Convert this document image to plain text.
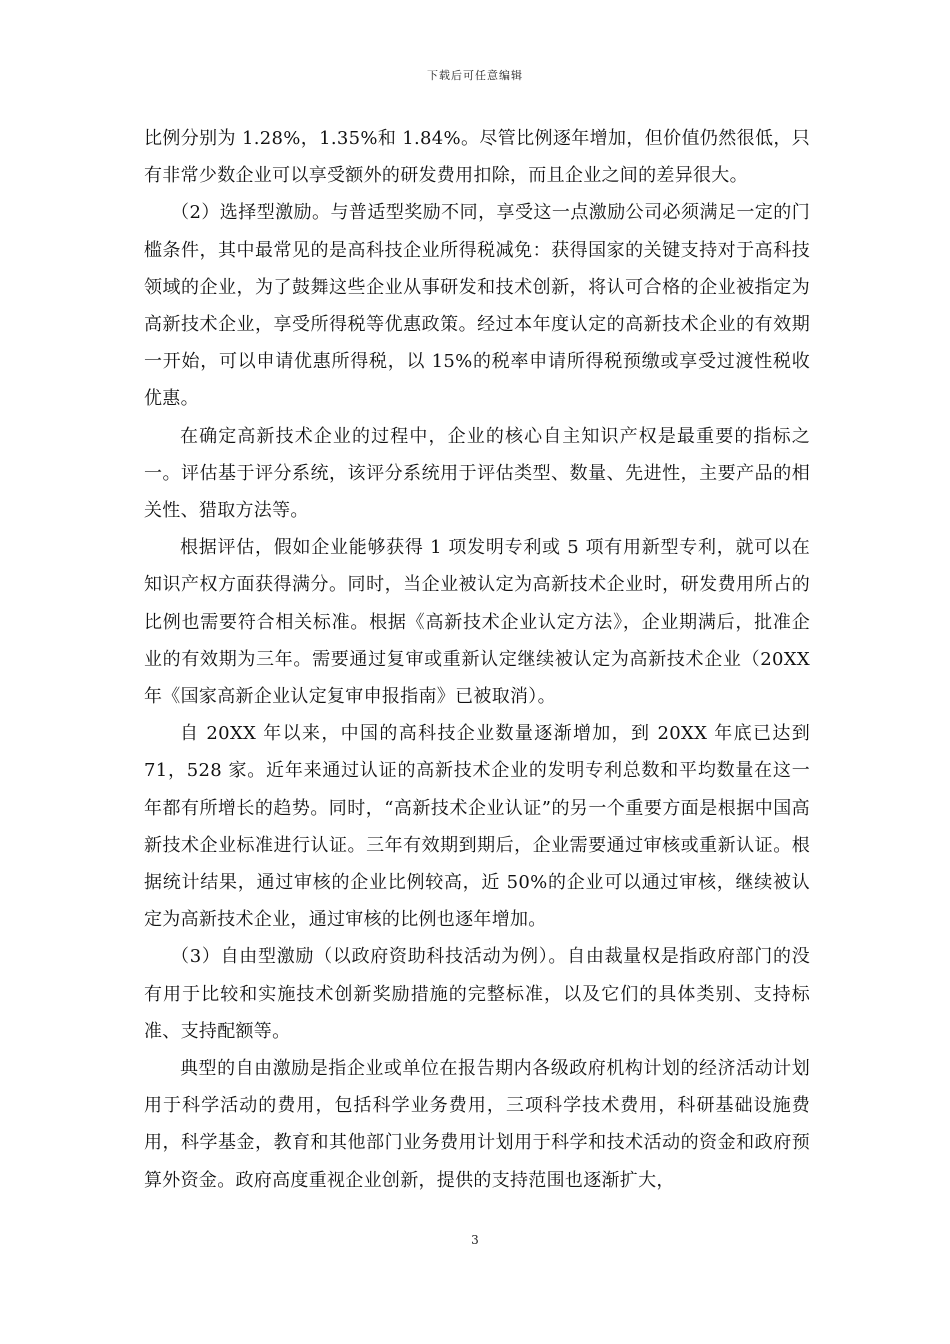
下载后可任意编辑

比例分别为 1.28%，1.35%和 1.84%。尽管比例逐年增加，但价值仍然很低，只有非常少数企业可以享受额外的研发费用扣除，而且企业之间的差异很大。

（2）选择型激励。与普适型奖励不同，享受这一点激励公司必须满足一定的门槛条件，其中最常见的是高科技企业所得税减免：获得国家的关键支持对于高科技领域的企业，为了鼓舞这些企业从事研发和技术创新，将认可合格的企业被指定为高新技术企业，享受所得税等优惠政策。经过本年度认定的高新技术企业的有效期一开始，可以申请优惠所得税，以 15%的税率申请所得税预缴或享受过渡性税收优惠。

在确定高新技术企业的过程中，企业的核心自主知识产权是最重要的指标之一。评估基于评分系统，该评分系统用于评估类型、数量、先进性，主要产品的相关性、猎取方法等。

根据评估，假如企业能够获得 1 项发明专利或 5 项有用新型专利，就可以在知识产权方面获得满分。同时，当企业被认定为高新技术企业时，研发费用所占的比例也需要符合相关标准。根据《高新技术企业认定方法》，企业期满后，批准企业的有效期为三年。需要通过复审或重新认定继续被认定为高新技术企业（20XX 年《国家高新企业认定复审申报指南》已被取消）。

自 20XX 年以来，中国的高科技企业数量逐渐增加，到 20XX 年底已达到 71，528 家。近年来通过认证的高新技术企业的发明专利总数和平均数量在这一年都有所增长的趋势。同时，“高新技术企业认证”的另一个重要方面是根据中国高新技术企业标准进行认证。三年有效期到期后，企业需要通过审核或重新认证。根据统计结果，通过审核的企业比例较高，近 50%的企业可以通过审核，继续被认定为高新技术企业，通过审核的比例也逐年增加。

（3）自由型激励（以政府资助科技活动为例）。自由裁量权是指政府部门的没有用于比较和实施技术创新奖励措施的完整标准，以及它们的具体类别、支持标准、支持配额等。

典型的自由激励是指企业或单位在报告期内各级政府机构计划的经济活动计划用于科学活动的费用，包括科学业务费用，三项科学技术费用，科研基础设施费用，科学基金，教育和其他部门业务费用计划用于科学和技术活动的资金和政府预算外资金。政府高度重视企业创新，提供的支持范围也逐渐扩大，

3
